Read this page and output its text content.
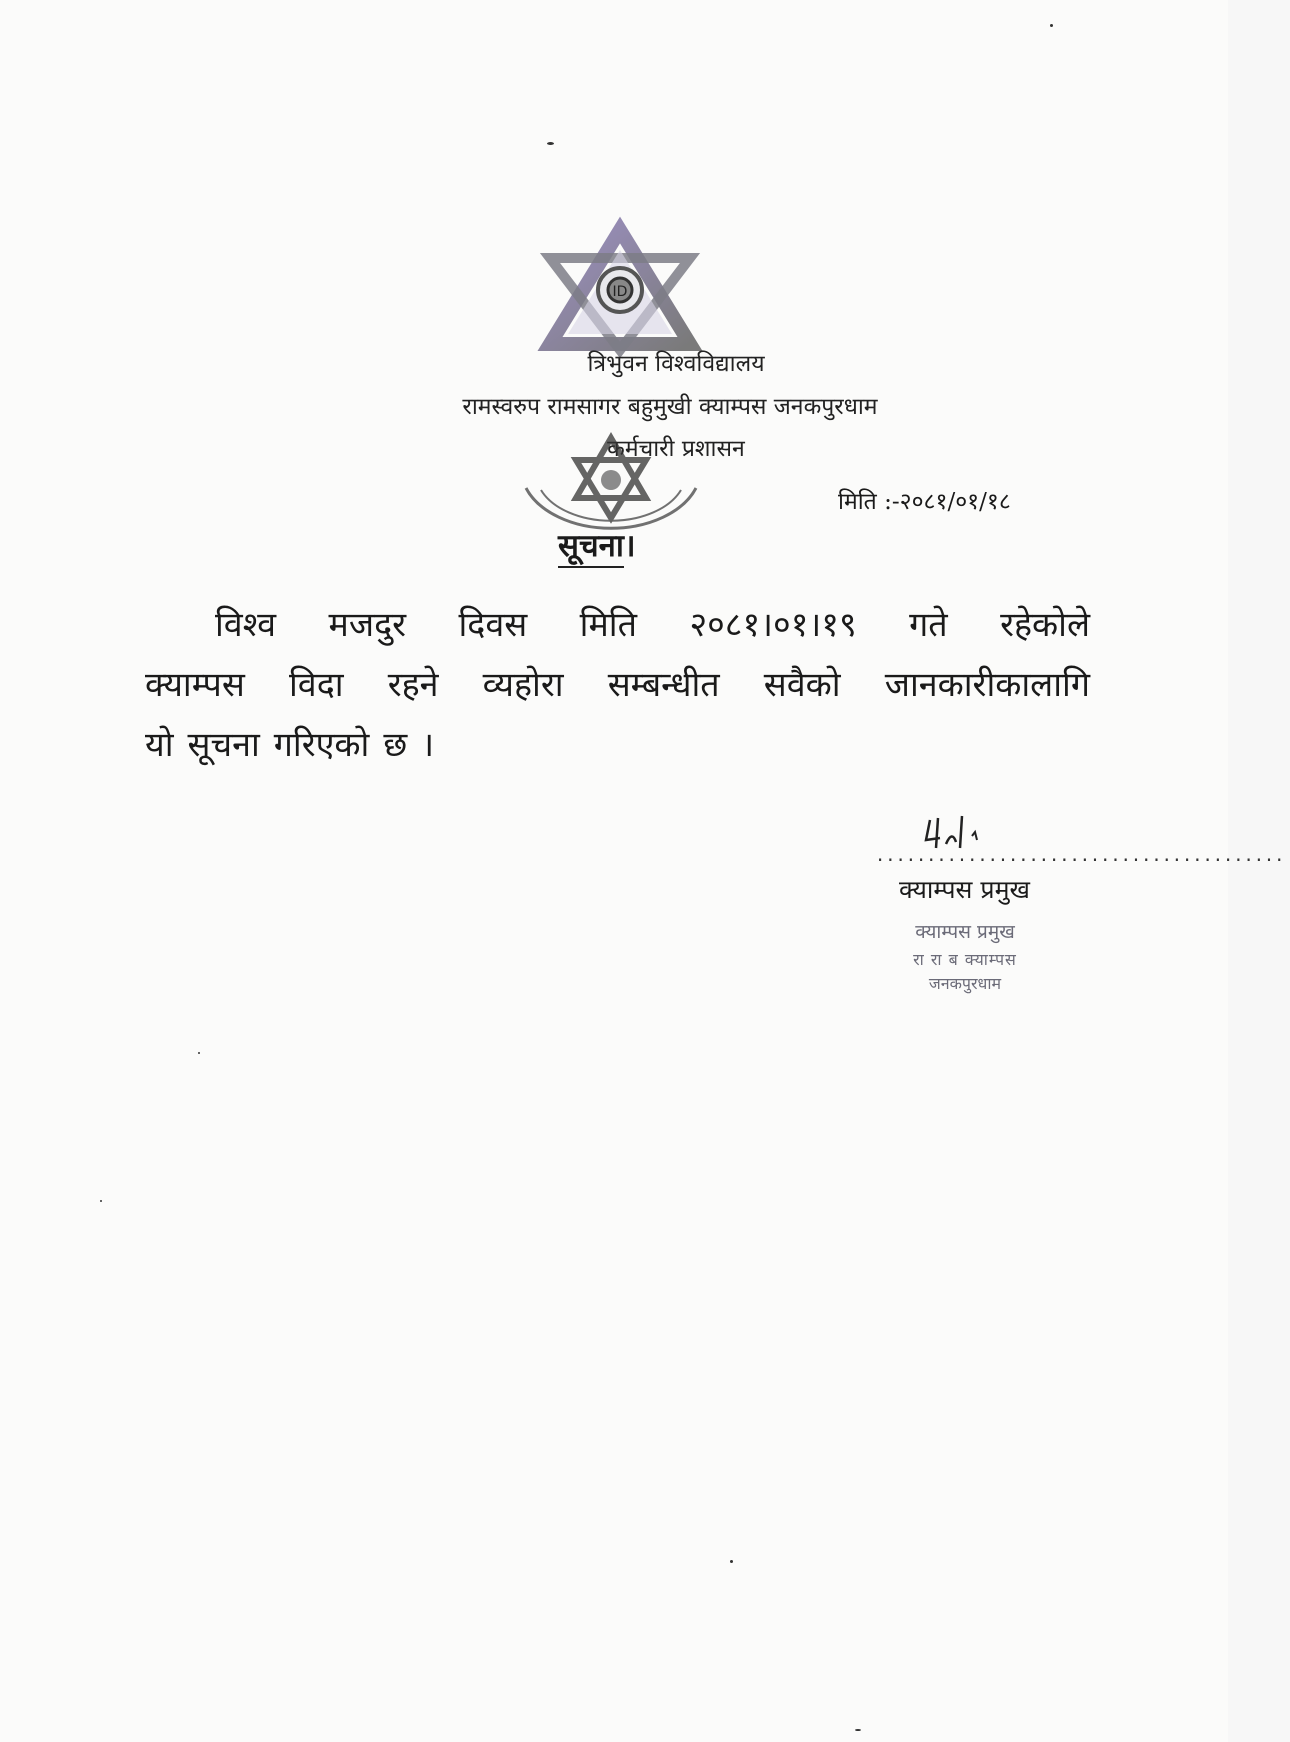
ID
त्रिभुवन विश्वविद्यालय
रामस्वरुप रामसागर बहुमुखी क्याम्पस जनकपुरधाम
कर्मचारी प्रशासन
मिति :-२०८१/०१/१८
सूचना।
विश्व मजदुर दिवस मिति २०८१।०१।१९ गते रहेकोले
क्याम्पस विदा रहने व्यहोरा सम्बन्धीत सवैको जानकारीकालागि
यो सूचना गरिएको छ ।
........................................
क्याम्पस प्रमुख
क्याम्पस प्रमुख
रा रा ब क्याम्पस
जनकपुरधाम
